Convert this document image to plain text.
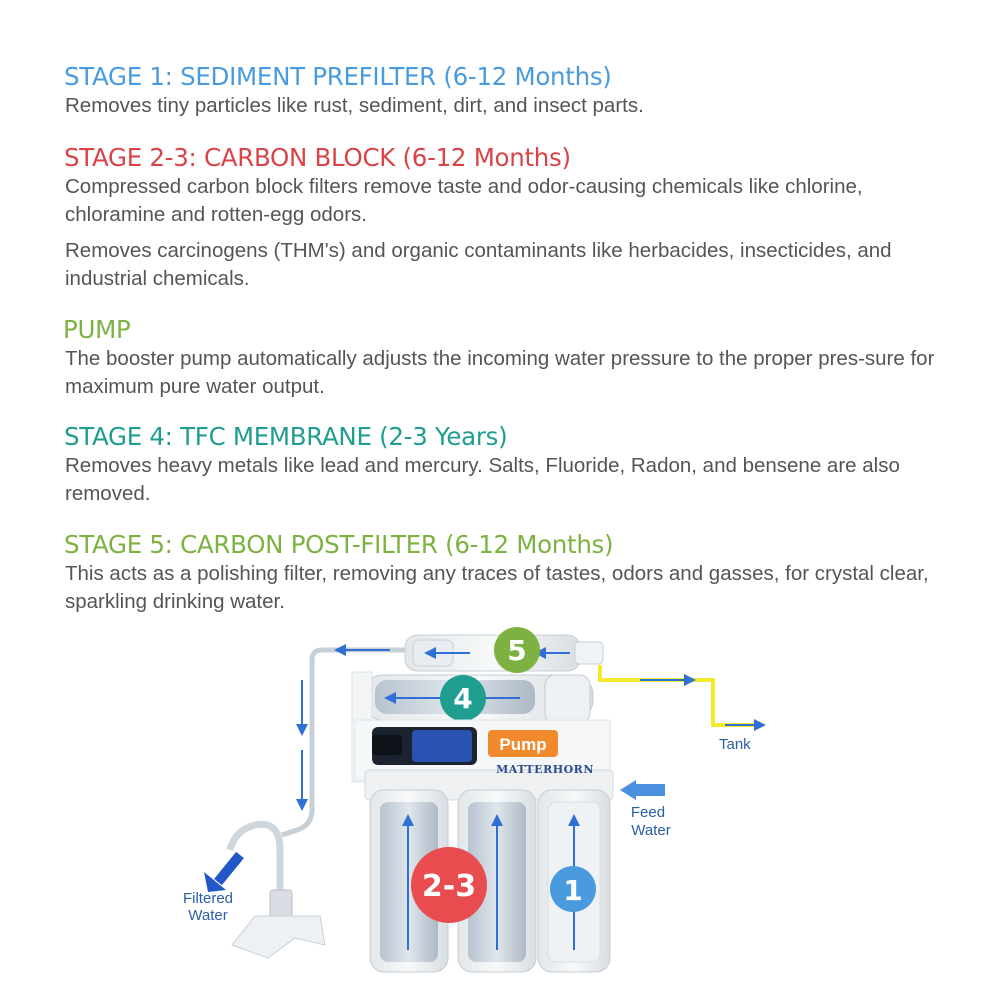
STAGE 1: SEDIMENT PREFILTER (6-12 Months)

Removes tiny particles like rust, sediment, dirt, and insect parts.

STAGE 2-3: CARBON BLOCK (6-12 Months)

Compressed carbon block filters remove taste and odor-causing chemicals like chlorine, chloramine and rotten-egg odors.

Removes carcinogens (THM's) and organic contaminants like herbacides, insecticides, and industrial chemicals.

PUMP

The booster pump automatically adjusts the incoming water pressure to the proper pres-sure for maximum pure water output.

STAGE 4: TFC MEMBRANE (2-3 Years)

Removes heavy metals like lead and mercury. Salts, Fluoride, Radon, and bensene are also removed.

STAGE 5: CARBON POST-FILTER (6-12 Months)

This acts as a polishing filter, removing any traces of tastes, odors and gasses, for crystal clear, sparkling drinking water.

Filtered
Water
5
Tank
4
Pump
MATTERHORN
2-3	1
Feed
Water
